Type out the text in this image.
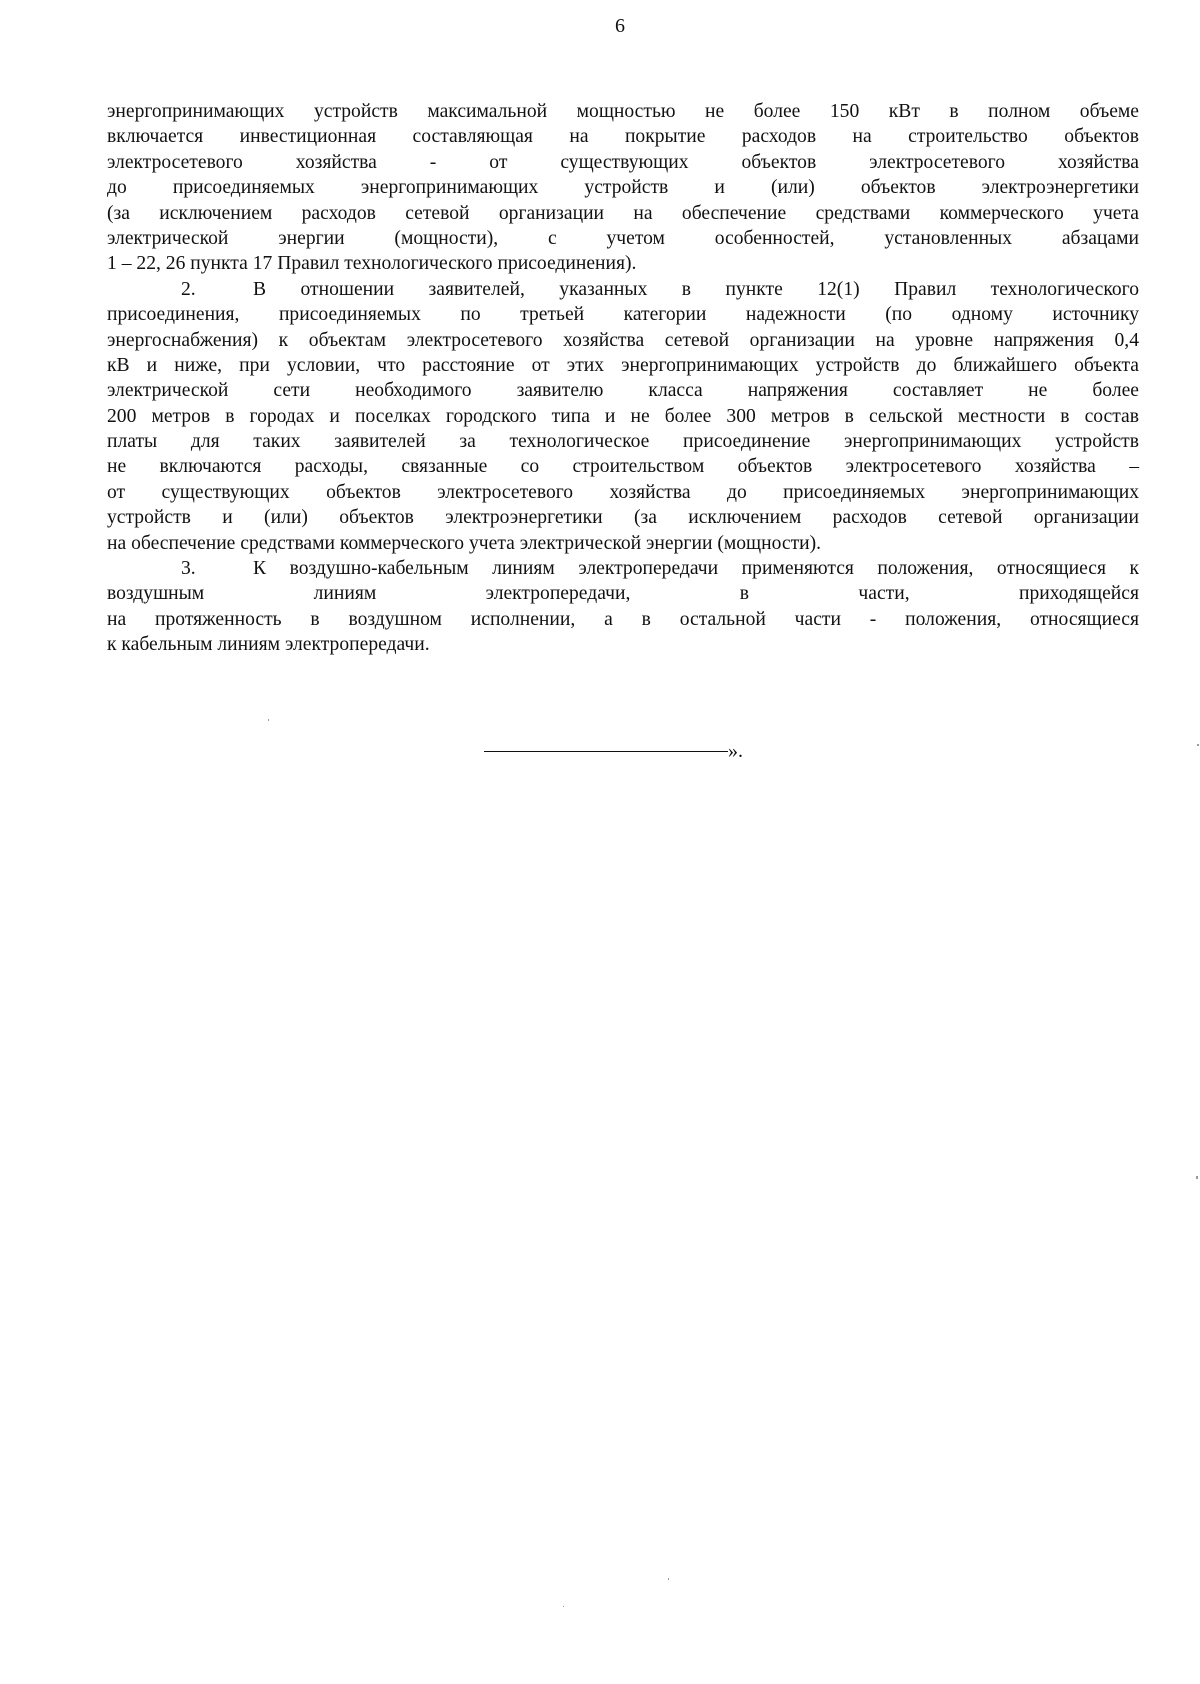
6
энергопринимающих устройств максимальной мощностью не более 150 кВт в полном объеме
включается инвестиционная составляющая на покрытие расходов на строительство объектов
электросетевого хозяйства - от существующих объектов электросетевого хозяйства
до присоединяемых энергопринимающих устройств и (или) объектов электроэнергетики
(за исключением расходов сетевой организации на обеспечение средствами коммерческого учета
электрической энергии (мощности), с учетом особенностей, установленных абзацами
1 – 22, 26 пункта 17 Правил технологического присоединения).
2.	В отношении заявителей, указанных в пункте 12(1) Правил технологического
присоединения, присоединяемых по третьей категории надежности (по одному источнику
энергоснабжения) к объектам электросетевого хозяйства сетевой организации на уровне напряжения 0,4
кВ и ниже, при условии, что расстояние от этих энергопринимающих устройств до ближайшего объекта
электрической сети необходимого заявителю класса напряжения составляет не более
200 метров в городах и поселках городского типа и не более 300 метров в сельской местности в состав
платы для таких заявителей за технологическое присоединение энергопринимающих устройств
не включаются расходы, связанные со строительством объектов электросетевого хозяйства –
от существующих объектов электросетевого хозяйства до присоединяемых энергопринимающих
устройств и (или) объектов электроэнергетики (за исключением расходов сетевой организации
на обеспечение средствами коммерческого учета электрической энергии (мощности).
3.	К воздушно-кабельным линиям электропередачи применяются положения, относящиеся к
воздушным линиям электропередачи, в части, приходящейся
на протяженность в воздушном исполнении, а в остальной части - положения, относящиеся
к кабельным линиям электропередачи.
».
